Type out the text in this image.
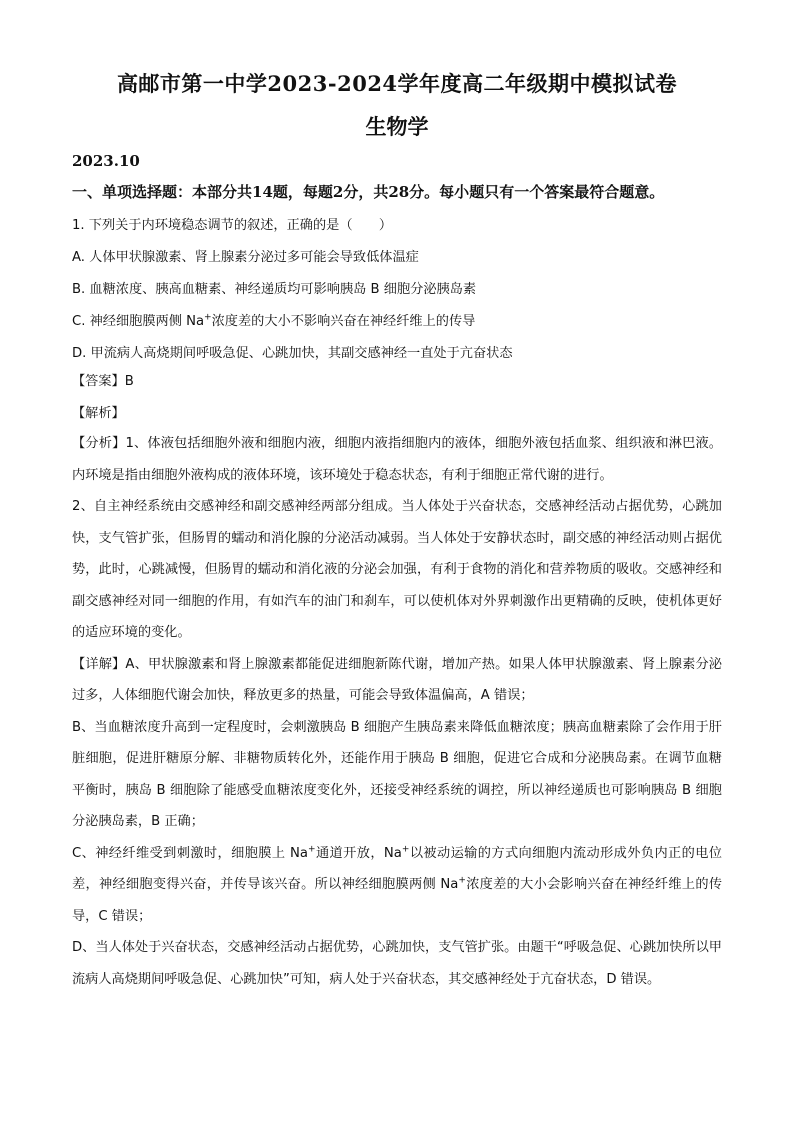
高邮市第一中学2023-2024学年度高二年级期中模拟试卷
生物学
2023.10
一、单项选择题：本部分共14题，每题2分，共28分。每小题只有一个答案最符合题意。
1. 下列关于内环境稳态调节的叙述，正确的是（　　）
A. 人体甲状腺激素、肾上腺素分泌过多可能会导致低体温症
B. 血糖浓度、胰高血糖素、神经递质均可影响胰岛 B 细胞分泌胰岛素
C. 神经细胞膜两侧 Na+浓度差的大小不影响兴奋在神经纤维上的传导
D. 甲流病人高烧期间呼吸急促、心跳加快，其副交感神经一直处于亢奋状态
【答案】B
【解析】

【分析】1、体液包括细胞外液和细胞内液，细胞内液指细胞内的液体，细胞外液包括血浆、组织液和淋巴液。内环境是指由细胞外液构成的液体环境，该环境处于稳态状态，有利于细胞正常代谢的进行。

2、自主神经系统由交感神经和副交感神经两部分组成。当人体处于兴奋状态，交感神经活动占据优势，心跳加快，支气管扩张，但肠胃的蠕动和消化腺的分泌活动减弱。当人体处于安静状态时，副交感的神经活动则占据优势，此时，心跳减慢，但肠胃的蠕动和消化液的分泌会加强，有利于食物的消化和营养物质的吸收。交感神经和副交感神经对同一细胞的作用，有如汽车的油门和刹车，可以使机体对外界刺激作出更精确的反映，使机体更好的适应环境的变化。

【详解】A、甲状腺激素和肾上腺激素都能促进细胞新陈代谢，增加产热。如果人体甲状腺激素、肾上腺素分泌过多，人体细胞代谢会加快，释放更多的热量，可能会导致体温偏高，A 错误；

B、当血糖浓度升高到一定程度时，会刺激胰岛 B 细胞产生胰岛素来降低血糖浓度；胰高血糖素除了会作用于肝脏细胞，促进肝糖原分解、非糖物质转化外，还能作用于胰岛 B 细胞，促进它合成和分泌胰岛素。在调节血糖平衡时，胰岛 B 细胞除了能感受血糖浓度变化外，还接受神经系统的调控，所以神经递质也可影响胰岛 B 细胞分泌胰岛素，B 正确；

C、神经纤维受到刺激时，细胞膜上 Na+通道开放，Na+以被动运输的方式向细胞内流动形成外负内正的电位差，神经细胞变得兴奋，并传导该兴奋。所以神经细胞膜两侧 Na+浓度差的大小会影响兴奋在神经纤维上的传导，C 错误；

D、当人体处于兴奋状态，交感神经活动占据优势，心跳加快，支气管扩张。由题干“呼吸急促、心跳加快所以甲流病人高烧期间呼吸急促、心跳加快”可知，病人处于兴奋状态，其交感神经处于亢奋状态，D 错误。
